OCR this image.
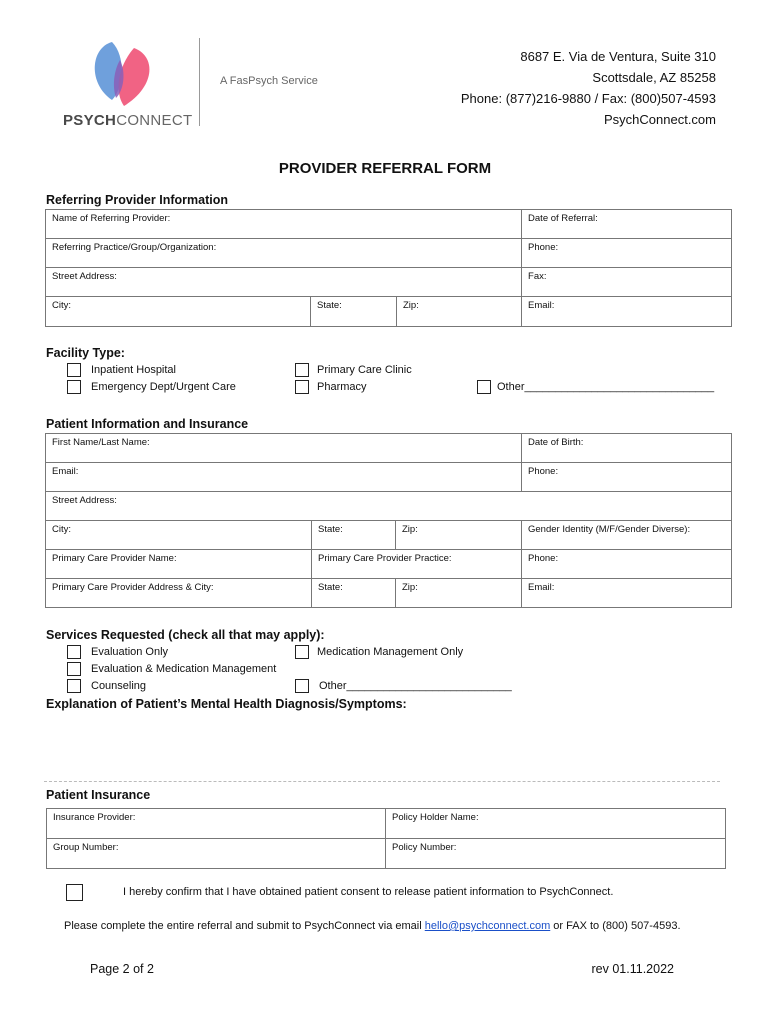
A FasPsych Service
PSYCHCONNECT
8687 E. Via de Ventura, Suite 310
Scottsdale, AZ 85258
Phone: (877)216-9880 / Fax: (800)507-4593
PsychConnect.com
PROVIDER REFERRAL FORM
Referring Provider Information
Name of Referring Provider:			Date of Referral:
Referring Practice/Group/Organization:			Phone:
Street Address:			Fax:
City:	State:	Zip:	Email:
Facility Type:
Inpatient Hospital
Emergency Dept/Urgent Care
Primary Care Clinic
Pharmacy	Other_______________________________
Patient Information and Insurance
First Name/Last Name:			Date of Birth:
Email:			Phone:
Street Address:			
City:	State:	Zip:	Gender Identity (M/F/Gender Diverse):
Primary Care Provider Name:	Primary Care Provider Practice:		Phone:
Primary Care Provider Address & City:	State:	Zip:	Email:
Services Requested (check all that may apply):
Evaluation Only
Evaluation & Medication Management
Counseling
Medication Management Only
Other___________________________
Explanation of Patient’s Mental Health Diagnosis/Symptoms:
Patient Insurance
Insurance Provider:	Policy Holder Name:
Group Number:	Policy Number:
I hereby confirm that I have obtained patient consent to release patient information to PsychConnect.
Please complete the entire referral and submit to PsychConnect via email hello@psychconnect.com or FAX to (800) 507-4593.
Page 2 of 2	rev 01.11.2022
